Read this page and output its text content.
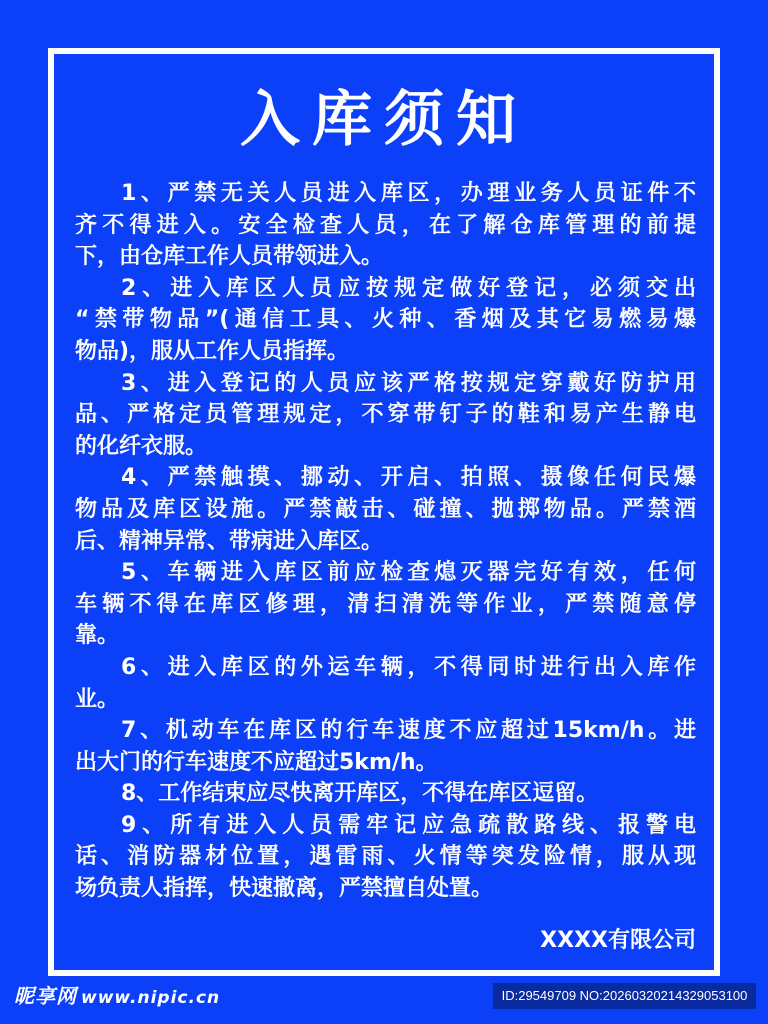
入库须知
1、严禁无关人员进入库区，办理业务人员证件不
齐不得进入。安全检查人员，在了解仓库管理的前提
下，由仓库工作人员带领进入。
2、进入库区人员应按规定做好登记，必须交出
“禁带物品”(通信工具、火种、香烟及其它易燃易爆
物品)，服从工作人员指挥。
3、进入登记的人员应该严格按规定穿戴好防护用
品、严格定员管理规定，不穿带钉子的鞋和易产生静电
的化纤衣服。
4、严禁触摸、挪动、开启、拍照、摄像任何民爆
物品及库区设施。严禁敲击、碰撞、抛掷物品。严禁酒
后、精神异常、带病进入库区。
5、车辆进入库区前应检查熄灭器完好有效，任何
车辆不得在库区修理，清扫清洗等作业，严禁随意停
靠。
6、进入库区的外运车辆，不得同时进行出入库作
业。
7、机动车在库区的行车速度不应超过15km/h。进
出大门的行车速度不应超过5km/h。
8、工作结束应尽快离开库区，不得在库区逗留。
9、所有进入人员需牢记应急疏散路线、报警电
话、消防器材位置，遇雷雨、火情等突发险情，服从现
场负责人指挥，快速撤离，严禁擅自处置。
XXXX有限公司
昵享网 www.nipic.cn	ID:29549709 NO:20260320214329053100
